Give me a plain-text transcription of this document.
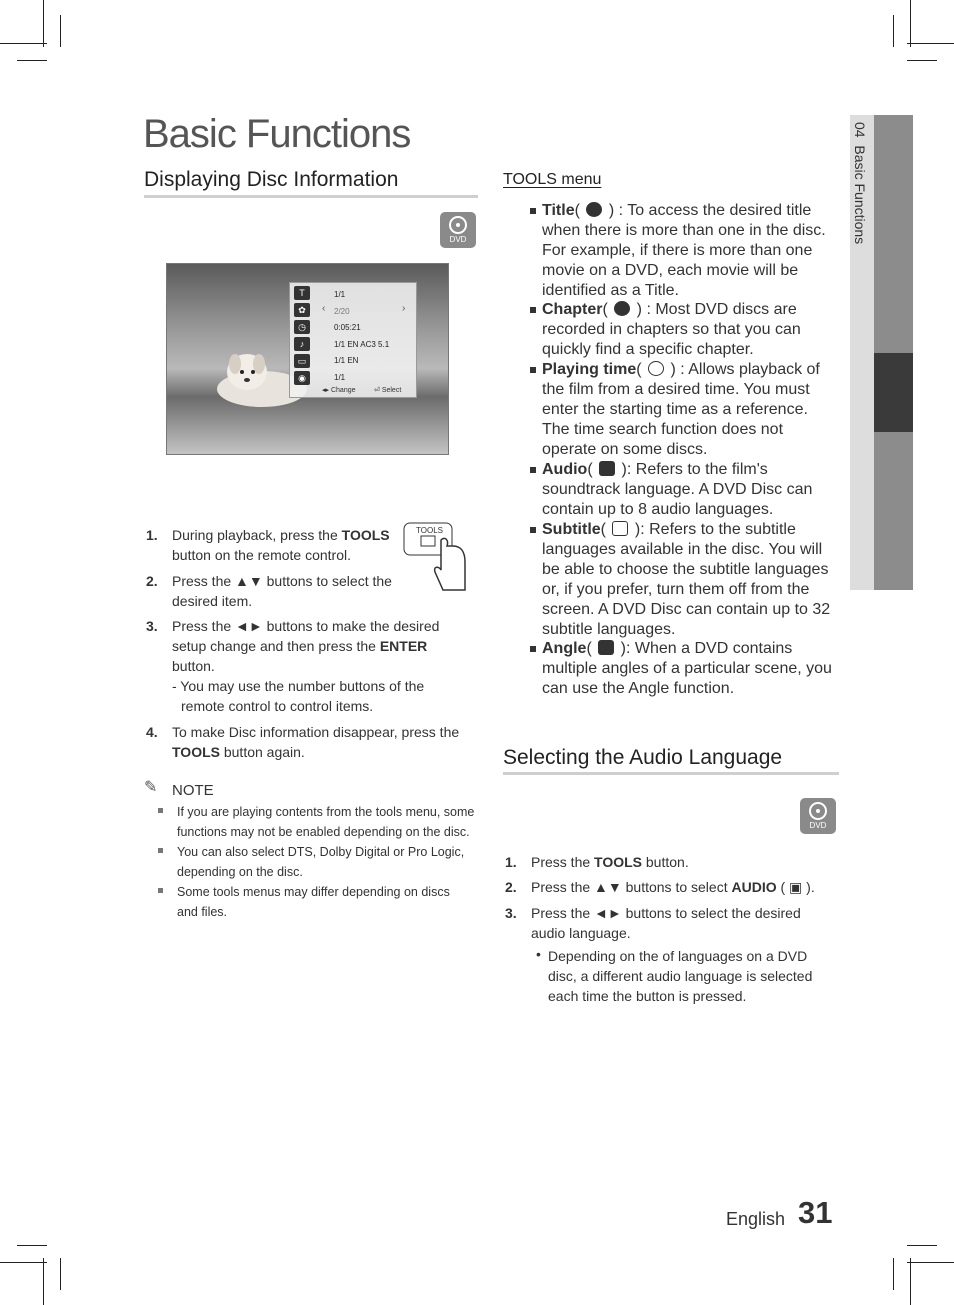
04  Basic Functions
Basic Functions
Displaying Disc Information
DVD
T
✿
◷
♪
▭
◉
1/1
2/20
0:05:21
1/1 EN AC3 5.1
1/1 EN
1/1
‹	›
◂▸ Change	⏎ Select
TOOLS
1. During playback, press the TOOLS button on the remote control.
2. Press the ▲▼ buttons to select the desired item.
3. Press the ◄► buttons to make the desired setup change and then press the ENTER button.
- You may use the number buttons of the remote control to control items.
4. To make Disc information disappear, press the TOOLS button again.
✎ NOTE
If you are playing contents from the tools menu, some functions may not be enabled depending on the disc.
You can also select DTS, Dolby Digital or Pro Logic, depending on the disc.
Some tools menus may differ depending on discs and files.
TOOLS menu
Title(  ) : To access the desired title when there is more than one in the disc. For example, if there is more than one movie on a DVD, each movie will be identified as a Title.
Chapter(  ) : Most DVD discs are recorded in chapters so that you can quickly find a specific chapter.
Playing time(  ) : Allows playback of the film from a desired time. You must enter the starting time as a reference. The time search function does not operate on some discs.
Audio(  ): Refers to the film's soundtrack language. A DVD Disc can contain up to 8 audio languages.
Subtitle(  ): Refers to the subtitle languages available in the disc. You will be able to choose the subtitle languages or, if you prefer, turn them off from the screen. A DVD Disc can contain up to 32 subtitle languages.
Angle(  ): When a DVD contains multiple angles of a particular scene, you can use the Angle function.
Selecting the Audio Language
DVD
1. Press the TOOLS button.
2. Press the ▲▼ buttons to select AUDIO ( ▣ ).
3. Press the ◄► buttons to select the desired audio language.
• Depending on the of languages on a DVD disc, a different audio language is selected each time the button is pressed.
English 31
